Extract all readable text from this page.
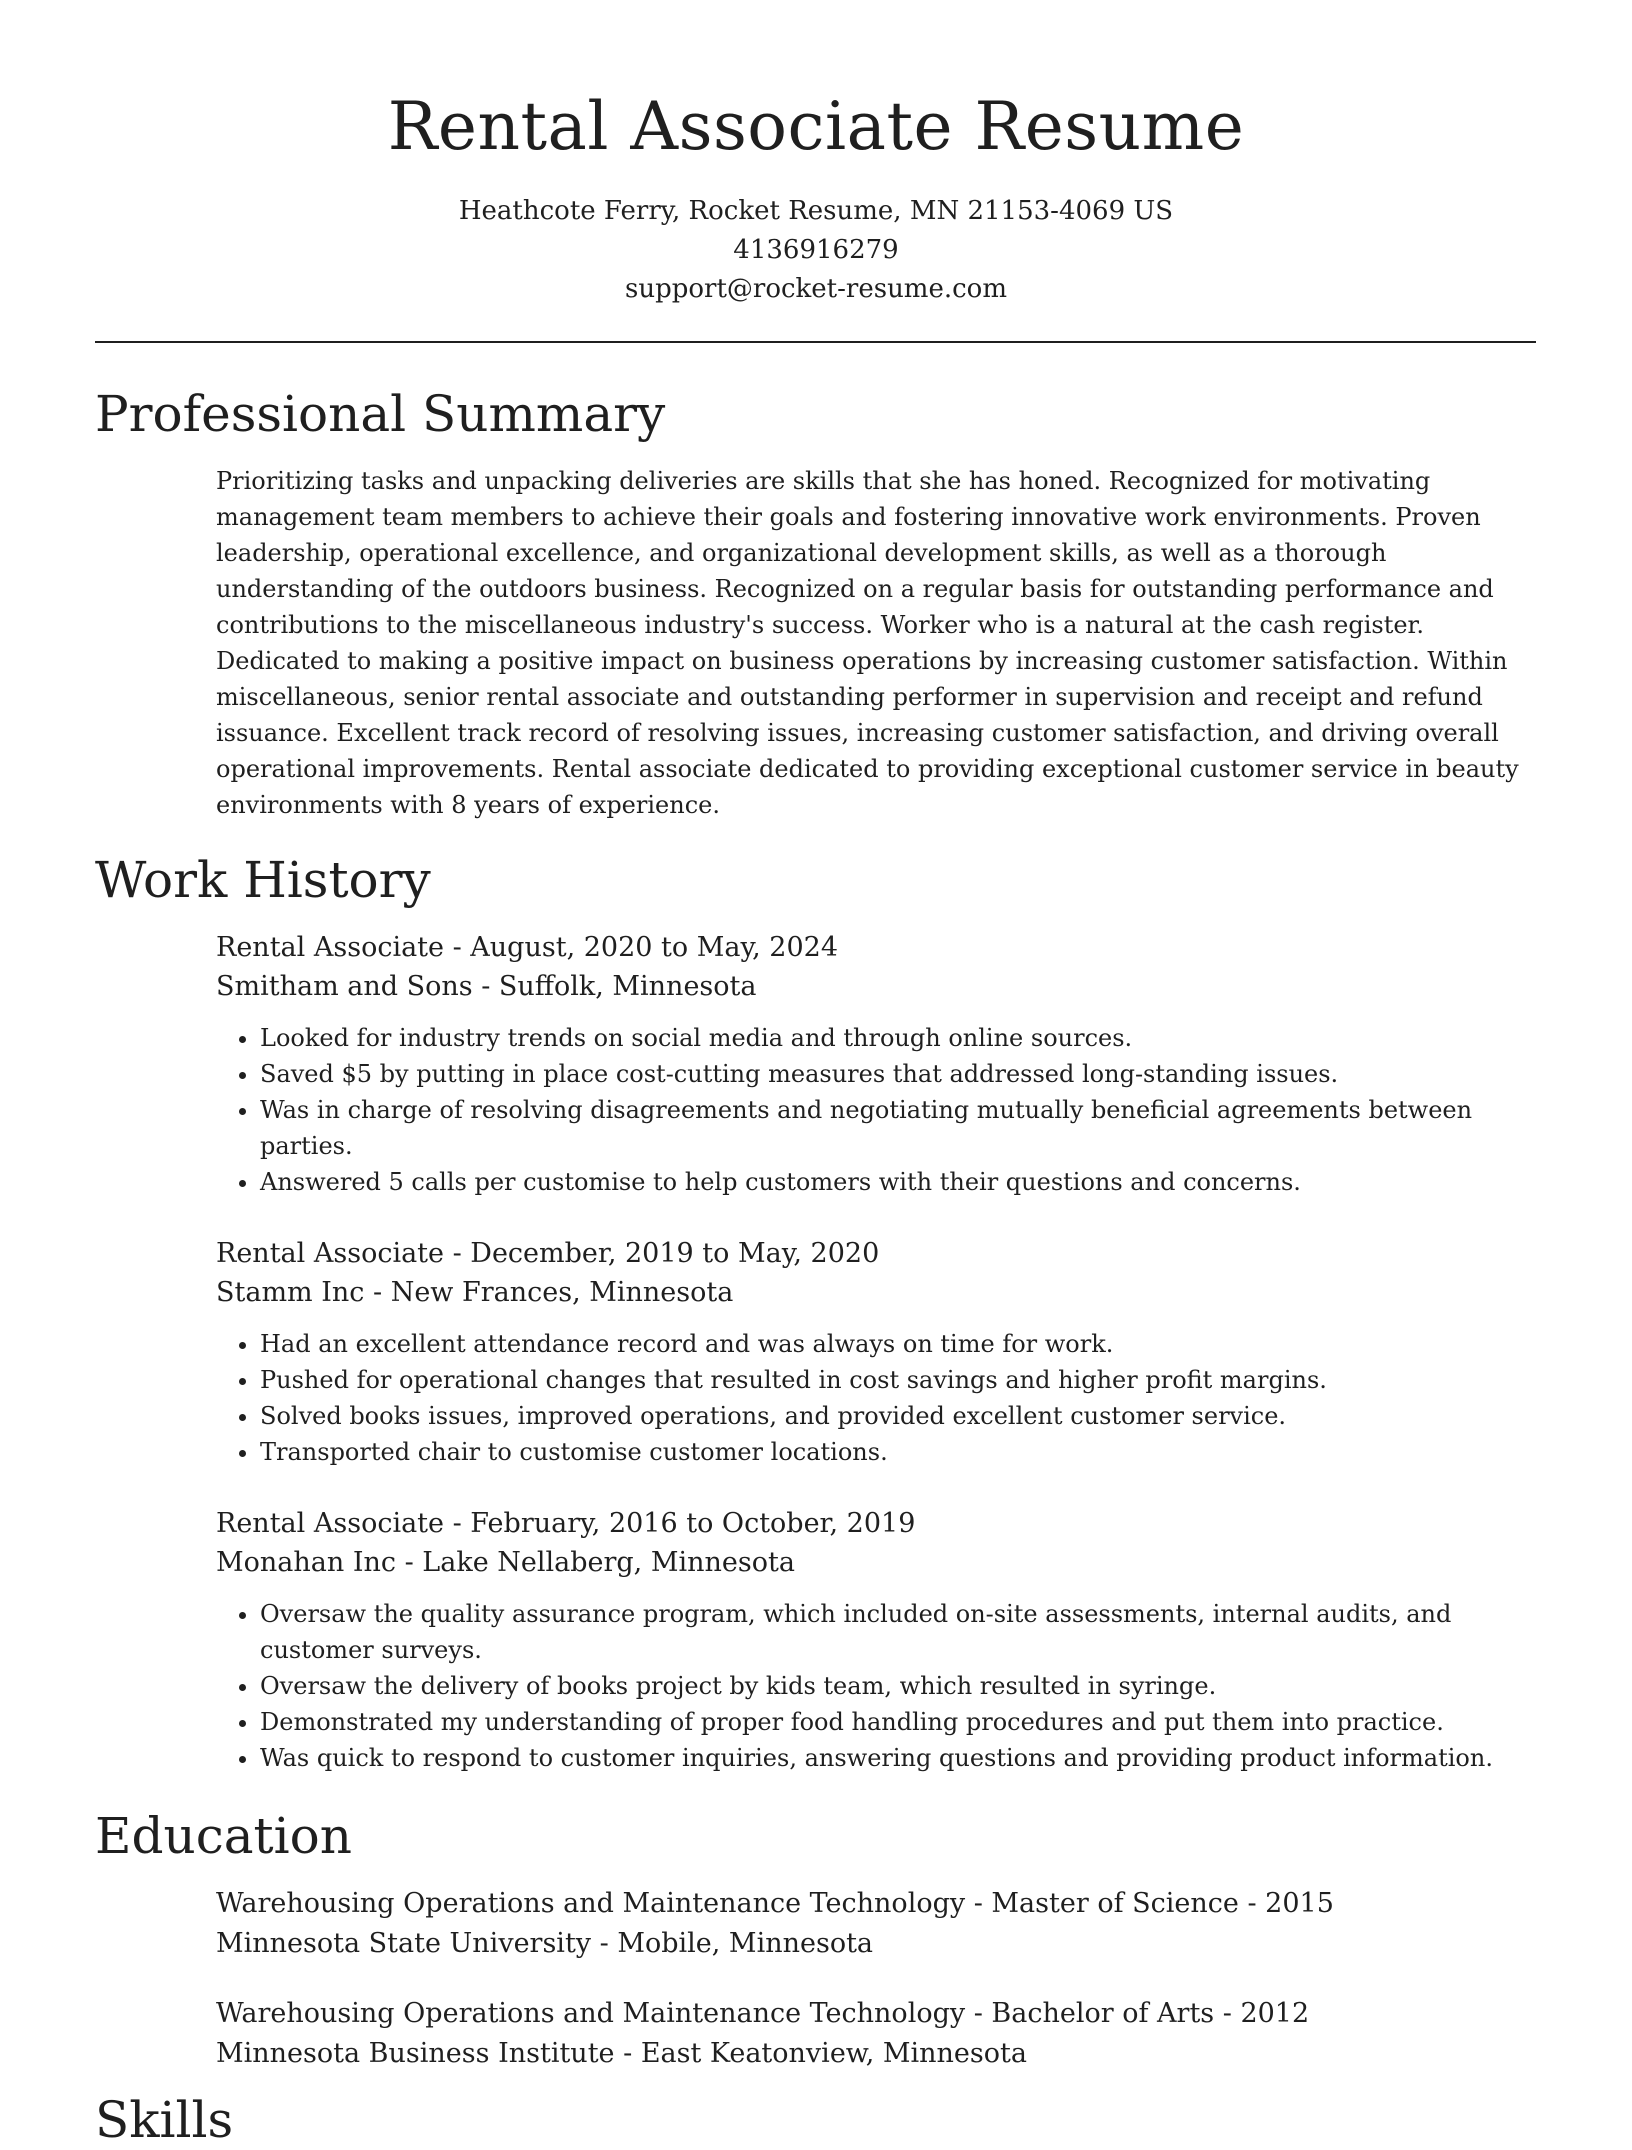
Rental Associate Resume
Heathcote Ferry, Rocket Resume, MN 21153-4069 US
4136916279
support@rocket-resume.com
Professional Summary

Prioritizing tasks and unpacking deliveries are skills that she has honed. Recognized for motivating management team members to achieve their goals and fostering innovative work environments. Proven leadership, operational excellence, and organizational development skills, as well as a thorough understanding of the outdoors business. Recognized on a regular basis for outstanding performance and contributions to the miscellaneous industry's success. Worker who is a natural at the cash register. Dedicated to making a positive impact on business operations by increasing customer satisfaction. Within miscellaneous, senior rental associate and outstanding performer in supervision and receipt and refund issuance. Excellent track record of resolving issues, increasing customer satisfaction, and driving overall operational improvements. Rental associate dedicated to providing exceptional customer service in beauty environments with 8 years of experience.

Work History
Rental Associate - August, 2020 to May, 2024
Smitham and Sons - Suffolk, Minnesota
• Looked for industry trends on social media and through online sources.
• Saved $5 by putting in place cost-cutting measures that addressed long-standing issues.
• Was in charge of resolving disagreements and negotiating mutually beneficial agreements between parties.
• Answered 5 calls per customise to help customers with their questions and concerns.
Rental Associate - December, 2019 to May, 2020
Stamm Inc - New Frances, Minnesota
• Had an excellent attendance record and was always on time for work.
• Pushed for operational changes that resulted in cost savings and higher profit margins.
• Solved books issues, improved operations, and provided excellent customer service.
• Transported chair to customise customer locations.
Rental Associate - February, 2016 to October, 2019
Monahan Inc - Lake Nellaberg, Minnesota
• Oversaw the quality assurance program, which included on-site assessments, internal audits, and customer surveys.
• Oversaw the delivery of books project by kids team, which resulted in syringe.
• Demonstrated my understanding of proper food handling procedures and put them into practice.
• Was quick to respond to customer inquiries, answering questions and providing product information.
Education
Warehousing Operations and Maintenance Technology - Master of Science - 2015
Minnesota State University - Mobile, Minnesota
Warehousing Operations and Maintenance Technology - Bachelor of Arts - 2012
Minnesota Business Institute - East Keatonview, Minnesota
Skills
